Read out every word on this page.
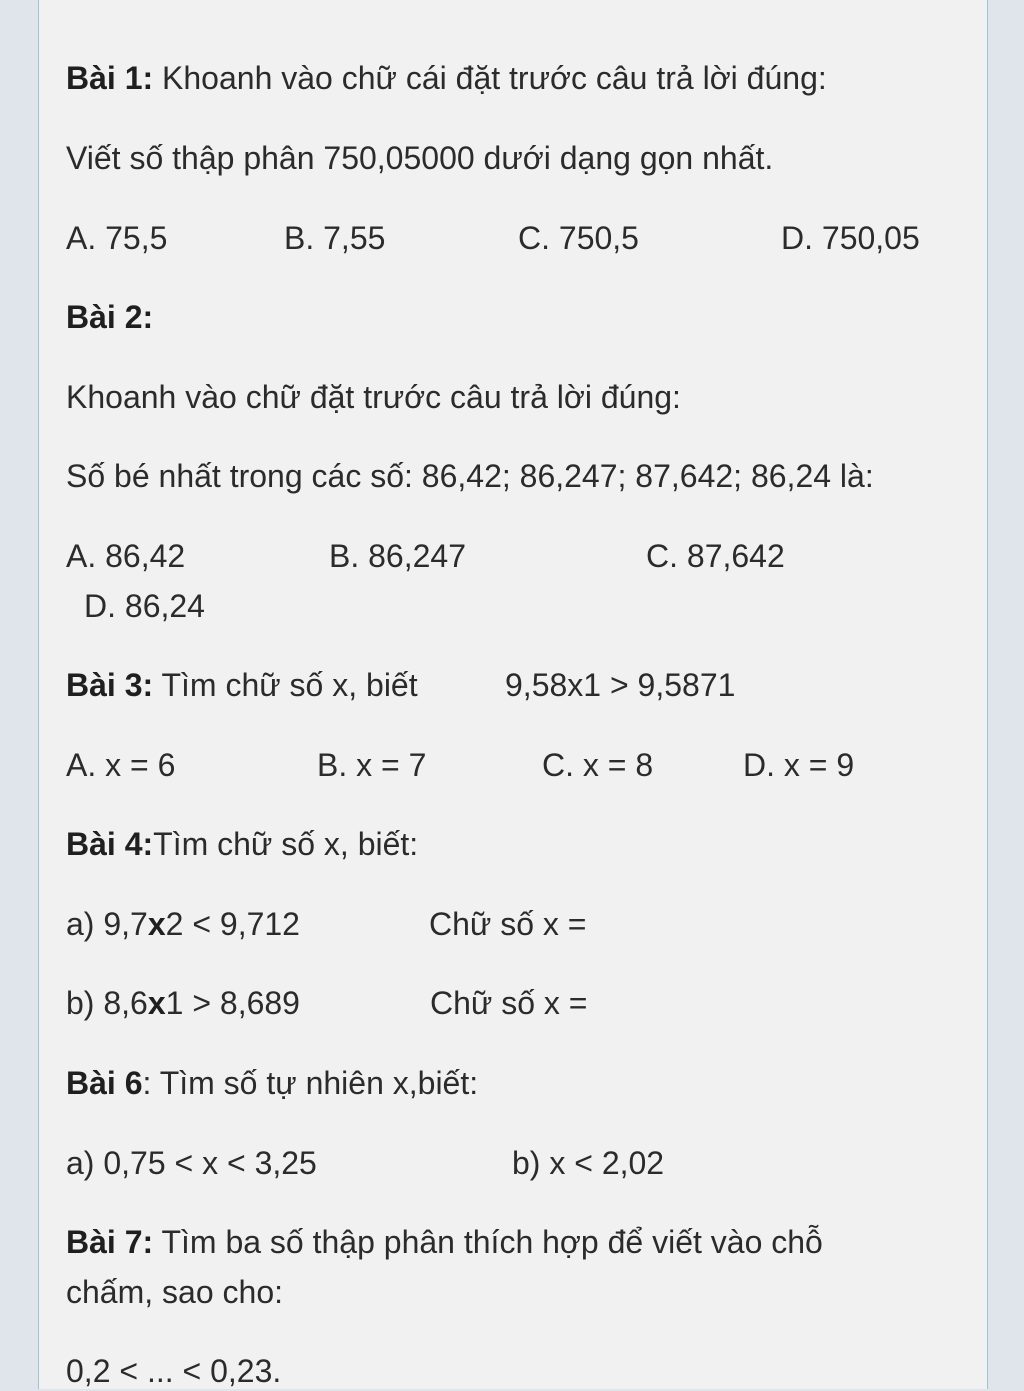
Bài 1: Khoanh vào chữ cái đặt trước câu trả lời đúng:
Viết số thập phân 750,05000 dưới dạng gọn nhất.
A. 75,5	B. 7,55	C. 750,5	D. 750,05
Bài 2:
Khoanh vào chữ đặt trước câu trả lời đúng:
Số bé nhất trong các số: 86,42; 86,247; 87,642; 86,24 là:
A. 86,42	B. 86,247	C. 87,642
D. 86,24
Bài 3: Tìm chữ số x, biết	9,58x1 > 9,5871
A. x = 6	B. x = 7	C. x = 8	D. x = 9
Bài 4:Tìm chữ số x, biết:
a) 9,7x2 < 9,712	Chữ số x =
b) 8,6x1 > 8,689	Chữ số x =
Bài 6: Tìm số tự nhiên x,biết:
a) 0,75 < x < 3,25	b) x < 2,02
Bài 7: Tìm ba số thập phân thích hợp để viết vào chỗ
chấm, sao cho:
0,2 < ... < 0,23.
